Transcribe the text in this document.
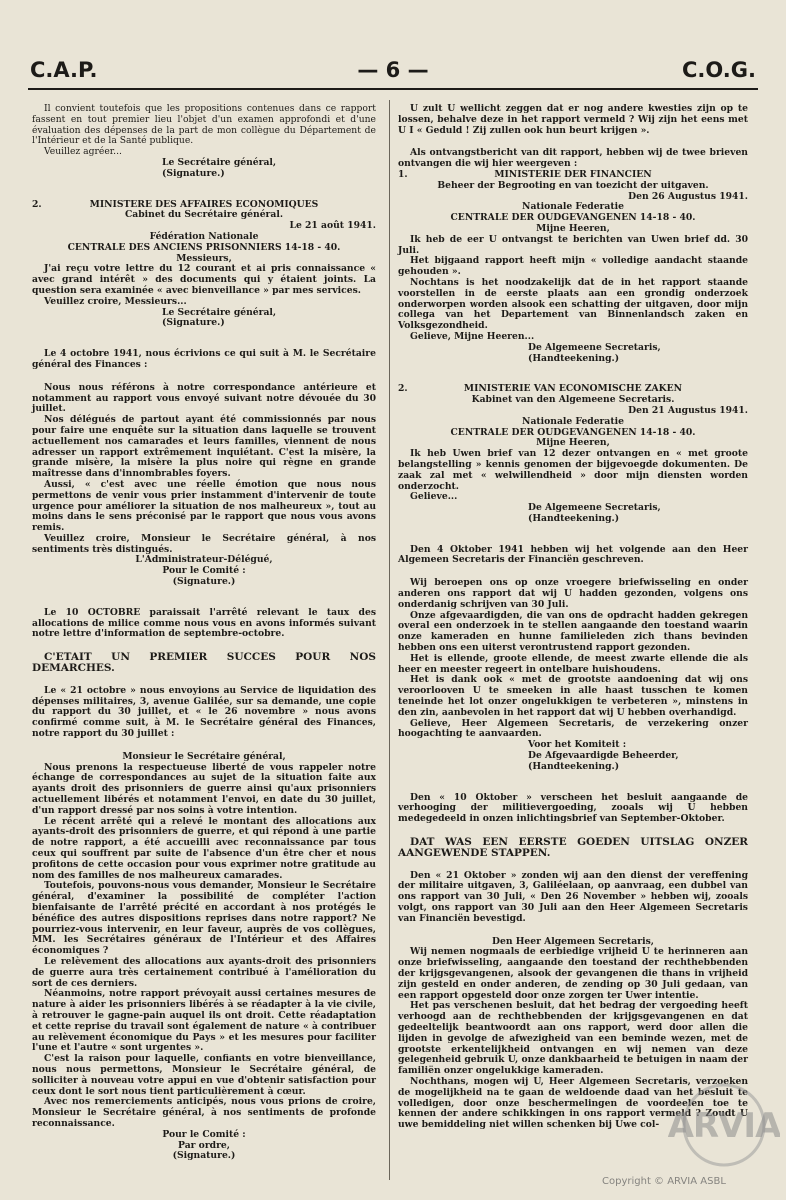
C.A.P.	— 6 —	C.O.G.

Il convient toutefois que les propositions contenues dans ce rapport fassent en tout premier lieu l'objet d'un examen approfondi et d'une évaluation des dépenses de la part de mon collègue du Département de l'Intérieur et de la Santé publique.

Veuillez agréer...

Le Secrétaire général,

(Signature.)

2.	MINISTERE DES AFFAIRES ECONOMIQUES

Cabinet du Secrétaire général.

Le 21 août 1941.

Fédération Nationale

CENTRALE DES ANCIENS PRISONNIERS 14-18 - 40.

Messieurs,

J'ai reçu votre lettre du 12 courant et ai pris connaissance « avec grand intérêt » des documents qui y étaient joints. La question sera examinée « avec bienveillance » par mes services.

Veuillez croire, Messieurs...

Le Secrétaire général,

(Signature.)

Le 4 octobre 1941, nous écrivions ce qui suit à M. le Secrétaire général des Finances :

Nous nous référons à notre correspondance antérieure et notamment au rapport vous envoyé suivant notre dévouée du 30 juillet.

Nos délégués de partout ayant été commissionnés par nous pour faire une enquête sur la situation dans laquelle se trouvent actuellement nos camarades et leurs familles, viennent de nous adresser un rapport extrêmement inquiétant. C'est la misère, la grande misère, la misère la plus noire qui règne en grande maîtresse dans d'innombrables foyers.

Aussi, « c'est avec une réelle émotion que nous nous permettons de venir vous prier instamment d'intervenir de toute urgence pour améliorer la situation de nos malheureux », tout au moins dans le sens préconisé par le rapport que nous vous avons remis.

Veuillez croire, Monsieur le Secrétaire général, à nos sentiments très distingués.

L'Administrateur-Délégué,

Pour le Comité :

(Signature.)

Le 10 OCTOBRE paraissait l'arrêté relevant le taux des allocations de milice comme nous vous en avons informés suivant notre lettre d'information de septembre-octobre.

C'ETAIT UN PREMIER SUCCES POUR NOS DEMARCHES.

Le « 21 octobre » nous envoyions au Service de liquidation des dépenses militaires, 3, avenue Galilée, sur sa demande, une copie du rapport du 30 juillet, et « le 26 novembre » nous avons confirmé comme suit, à M. le Secrétaire général des Finances, notre rapport du 30 juillet :

Monsieur le Secrétaire général,

Nous prenons la respectueuse liberté de vous rappeler notre échange de correspondances au sujet de la situation faite aux ayants droit des prisonniers de guerre ainsi qu'aux prisonniers actuellement libérés et notamment l'envoi, en date du 30 juillet, d'un rapport dressé par nos soins à votre intention.

Le récent arrêté qui a relevé le montant des allocations aux ayants-droit des prisonniers de guerre, et qui répond à une partie de notre rapport, a été accueilli avec reconnaissance par tous ceux qui souffrent par suite de l'absence d'un être cher et nous profitons de cette occasion pour vous exprimer notre gratitude au nom des familles de nos malheureux camarades.

Toutefois, pouvons-nous vous demander, Monsieur le Secrétaire général, d'examiner la possibilité de compléter l'action bienfaisante de l'arrêté précité en accordant à nos protégés le bénéfice des autres dispositions reprises dans notre rapport? Ne pourriez-vous intervenir, en leur faveur, auprès de vos collègues, MM. les Secrétaires généraux de l'Intérieur et des Affaires économiques ?

Le relèvement des allocations aux ayants-droit des prisonniers de guerre aura très certainement contribué à l'amélioration du sort de ces derniers.

Néanmoins, notre rapport prévoyait aussi certaines mesures de nature à aider les prisonniers libérés à se réadapter à la vie civile, à retrouver le gagne-pain auquel ils ont droit. Cette réadaptation et cette reprise du travail sont également de nature « à contribuer au relèvement économique du Pays » et les mesures pour faciliter l'une et l'autre « sont urgentes ».

C'est la raison pour laquelle, confiants en votre bienveillance, nous nous permettons, Monsieur le Secrétaire général, de solliciter à nouveau votre appui en vue d'obtenir satisfaction pour ceux dont le sort nous tient particulièrement à cœur.

Avec nos remerciements anticipés, nous vous prions de croire, Monsieur le Secrétaire général, à nos sentiments de profonde reconnaissance.

Pour le Comité :

Par ordre,

(Signature.)

U zult U wellicht zeggen dat er nog andere kwesties zijn op te lossen, behalve deze in het rapport vermeld ? Wij zijn het eens met U I « Geduld ! Zij zullen ook hun beurt krijgen ».

Als ontvangstbericht van dit rapport, hebben wij de twee brieven ontvangen die wij hier weergeven :

1.	MINISTERIE DER FINANCIEN

Beheer der Begrooting en van toezicht der uitgaven.

Den 26 Augustus 1941.

Nationale Federatie

CENTRALE DER OUDGEVANGENEN 14-18 - 40.

Mijne Heeren,

Ik heb de eer U ontvangst te berichten van Uwen brief dd. 30 Juli.

Het bijgaand rapport heeft mijn « volledige aandacht staande gehouden ».

Nochtans is het noodzakelijk dat de in het rapport staande voorstellen in de eerste plaats aan een grondig onderzoek onderworpen worden alsook een schatting der uitgaven, door mijn collega van het Departement van Binnenlandsch zaken en Volksgezondheid.

Gelieve, Mijne Heeren...

De Algemeene Secretaris,

(Handteekening.)

2.	MINISTERIE VAN ECONOMISCHE ZAKEN

Kabinet van den Algemeene Secretaris.

Den 21 Augustus 1941.

Nationale Federatie

CENTRALE DER OUDGEVANGENEN 14-18 - 40.

Mijne Heeren,

Ik heb Uwen brief van 12 dezer ontvangen en « met groote belangstelling » kennis genomen der bijgevoegde dokumenten. De zaak zal met « welwillendheid » door mijn diensten worden onderzocht.

Gelieve...

De Algemeene Secretaris,

(Handteekening.)

Den 4 Oktober 1941 hebben wij het volgende aan den Heer Algemeen Secretaris der Financiën geschreven.

Wij beroepen ons op onze vroegere briefwisseling en onder anderen ons rapport dat wij U hadden gezonden, volgens ons onderdanig schrijven van 30 Juli.

Onze afgevaardigden, die van ons de opdracht hadden gekregen overal een onderzoek in te stellen aangaande den toestand waarin onze kameraden en hunne familieleden zich thans bevinden hebben ons een uiterst verontrustend rapport gezonden.

Het is ellende, groote ellende, de meest zwarte ellende die als heer en meester regeert in ontelbare huishoudens.

Het is dank ook « met de grootste aandoening dat wij ons veroorlooven U te smeeken in alle haast tusschen te komen teneinde het lot onzer ongelukkigen te verbeteren », minstens in den zin, aanbevolen in het rapport dat wij U hebben overhandigd.

Gelieve, Heer Algemeen Secretaris, de verzekering onzer hoogachting te aanvaarden.

Voor het Komiteit :

De Afgevaardigde Beheerder,

(Handteekening.)

Den « 10 Oktober » verscheen het besluit aangaande de verhooging der militievergoeding, zooals wij U hebben medegedeeld in onzen inlichtingsbrief van September-Oktober.

DAT WAS EEN EERSTE GOEDEN UITSLAG ONZER AANGEWENDE STAPPEN.

Den « 21 Oktober » zonden wij aan den dienst der vereffening der militaire uitgaven, 3, Galiléelaan, op aanvraag, een dubbel van ons rapport van 30 Juli, « Den 26 November » hebben wij, zooals volgt, ons rapport van 30 Juli aan den Heer Algemeen Secretaris van Financiën bevestigd.

Den Heer Algemeen Secretaris,

Wij nemen nogmaals de eerbiedige vrijheid U te herinneren aan onze briefwisseling, aangaande den toestand der rechthebbenden der krijgsgevangenen, alsook der gevangenen die thans in vrijheid zijn gesteld en onder anderen, de zending op 30 Juli gedaan, van een rapport opgesteld door onze zorgen ter Uwer intentie.

Het pas verschenen besluit, dat het bedrag der vergoeding heeft verhoogd aan de rechthebbenden der krijgsgevangenen en dat gedeeltelijk beantwoordt aan ons rapport, werd door allen die lijden in gevolge de afwezigheid van een beminde wezen, met de grootste erkentelijkheid ontvangen en wij nemen van deze gelegenheid gebruik U, onze dankbaarheid te betuigen in naam der familiën onzer ongelukkige kameraden.

Nochthans, mogen wij U, Heer Algemeen Secretaris, verzoeken de mogelijkheid na te gaan de weldoende daad van het besluit te volledigen, door onze beschermelingen de voordeelen toe te kennen der andere schikkingen in ons rapport vermeld ? Zoudt U uwe bemiddeling niet willen schenken bij Uwe col- ARVIA
Copyright © ARVIA ASBL
